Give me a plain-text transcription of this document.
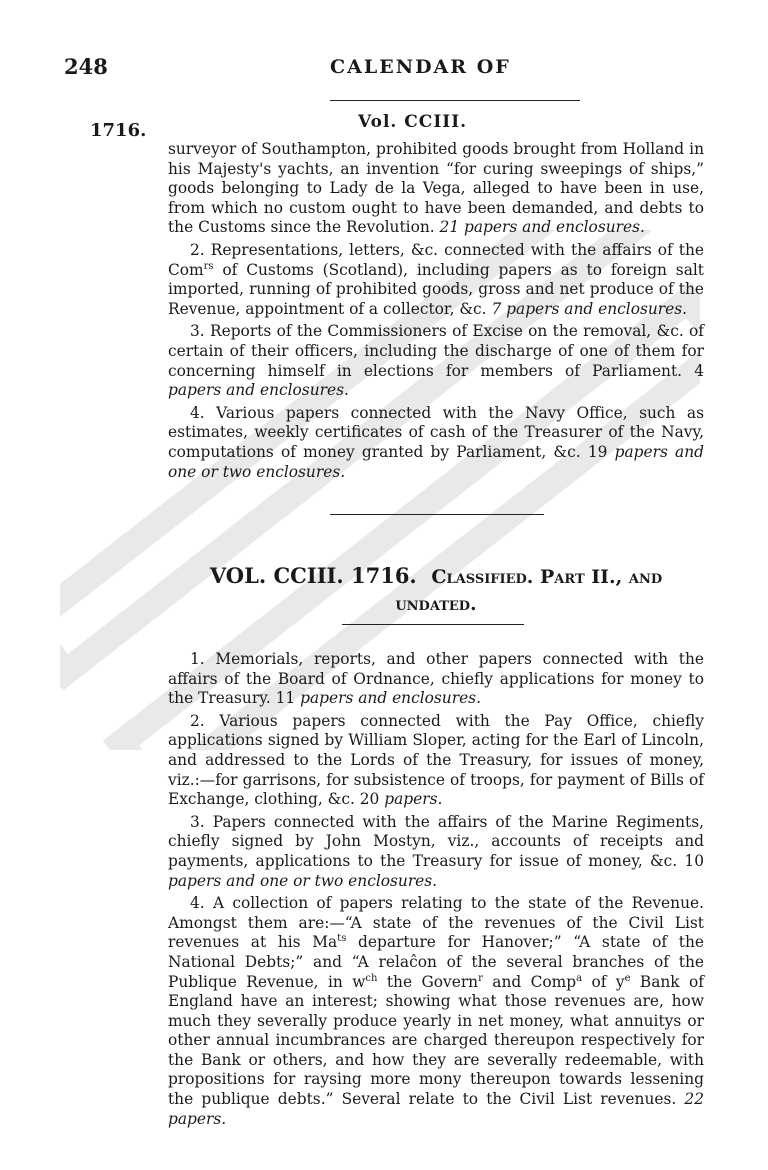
248	CALENDAR OF
1716.	Vol. CCIII.

surveyor of Southampton, prohibited goods brought from Holland in his Majesty's yachts, an invention “for curing sweepings of ships,” goods belonging to Lady de la Vega, alleged to have been in use, from which no custom ought to have been demanded, and debts to the Customs since the Revolution. 21 papers and enclosures.

2. Representations, letters, &c. connected with the affairs of the Com$^{rs}$ of Customs (Scotland), including papers as to foreign salt imported, running of prohibited goods, gross and net produce of the Revenue, appointment of a collector, &c. 7 papers and enclosures.

3. Reports of the Commissioners of Excise on the removal, &c. of certain of their officers, including the discharge of one of them for concerning himself in elections for members of Parliament. 4 papers and enclosures.

4. Various papers connected with the Navy Office, such as estimates, weekly certificates of cash of the Treasurer of the Navy, computations of money granted by Parliament, &c. 19 papers and one or two enclosures.

VOL. CCIII. 1716. Classified. Part II., and undated.

1. Memorials, reports, and other papers connected with the affairs of the Board of Ordnance, chiefly applications for money to the Treasury. 11 papers and enclosures.

2. Various papers connected with the Pay Office, chiefly applications signed by William Sloper, acting for the Earl of Lincoln, and addressed to the Lords of the Treasury, for issues of money, viz.:—for garrisons, for subsistence of troops, for payment of Bills of Exchange, clothing, &c. 20 papers.

3. Papers connected with the affairs of the Marine Regiments, chiefly signed by John Mostyn, viz., accounts of receipts and payments, applications to the Treasury for issue of money, &c. 10 papers and one or two enclosures.

4. A collection of papers relating to the state of the Revenue. Amongst them are:—“A state of the revenues of the Civil List revenues at his $Ma^{ts}$ departure for Hanover;” “A state of the National Debts;” and “A relaĉon of the several branches of the Publique Revenue, in $w^{ch}$ the Govern$^r$ and Comp$^a$ of $y^e$ Bank of England have an interest; showing what those revenues are, how much they severally produce yearly in net money, what annuitys or other annual incumbrances are charged thereupon respectively for the Bank or others, and how they are severally redeemable, with propositions for raysing more mony thereupon towards lessening the publique debts.” Several relate to the Civil List revenues. 22 papers.
